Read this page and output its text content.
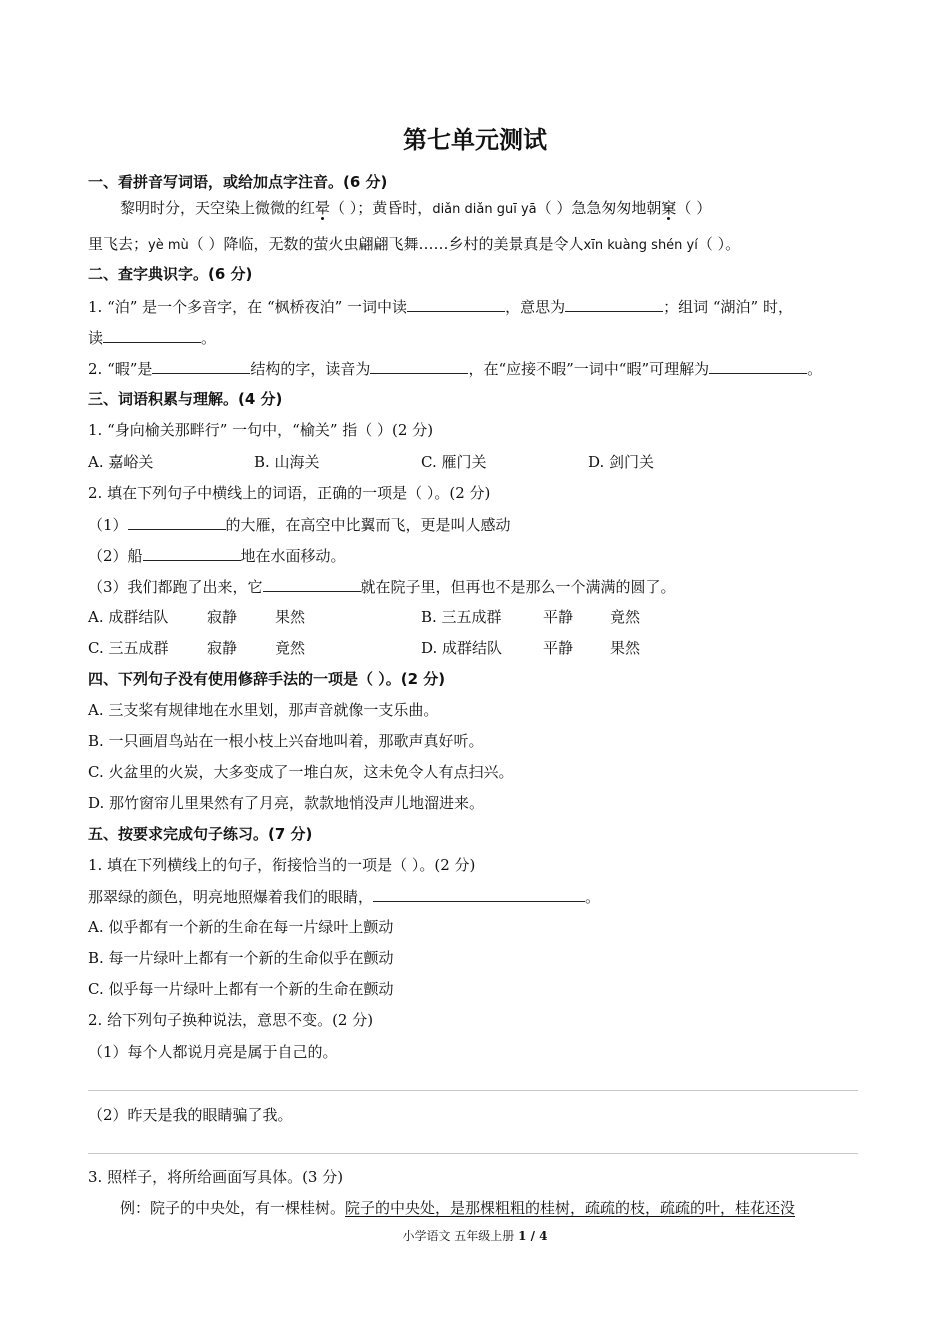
第七单元测试
一、看拼音写词语，或给加点字注音。(6 分)
黎明时分，天空染上微微的红晕（ ）；黄昏时，diǎn diǎn guī yā（ ）急急匆匆地朝窠（ ）
里飞去；yè mù（ ）降临，无数的萤火虫翩翩飞舞……乡村的美景真是令人xīn kuàng shén yí（ ）。
二、查字典识字。(6 分)
1. “泊” 是一个多音字，在 “枫桥夜泊” 一词中读	，意思为	；组词 “湖泊” 时，
读	。
2. “暇”是	结构的字，读音为	，在“应接不暇”一词中“暇”可理解为	。
三、词语积累与理解。(4 分)
1. “身向榆关那畔行” 一句中，“榆关” 指（ ）(2 分)
A. 嘉峪关	B. 山海关	C. 雁门关	D. 剑门关
2. 填在下列句子中横线上的词语，正确的一项是（ ）。(2 分)
（1）	的大雁，在高空中比翼而飞，更是叫人感动
（2）船	地在水面移动。
（3）我们都跑了出来，它	就在院子里，但再也不是那么一个满满的圆了。
A. 成群结队	寂静	果然	B. 三五成群	平静 竟然
C. 三五成群	寂静	竟然	D. 成群结队	平静 果然
四、下列句子没有使用修辞手法的一项是（ ）。(2 分)
A. 三支桨有规律地在水里划，那声音就像一支乐曲。
B. 一只画眉鸟站在一根小枝上兴奋地叫着，那歌声真好听。
C. 火盆里的火炭，大多变成了一堆白灰，这未免令人有点扫兴。
D. 那竹窗帘儿里果然有了月亮，款款地悄没声儿地溜进来。
五、按要求完成句子练习。(7 分)
1. 填在下列横线上的句子，衔接恰当的一项是（ ）。(2 分)
那翠绿的颜色，明亮地照爆着我们的眼睛，	。
A. 似乎都有一个新的生命在每一片绿叶上颤动
B. 每一片绿叶上都有一个新的生命似乎在颤动
C. 似乎每一片绿叶上都有一个新的生命在颤动
2. 给下列句子换种说法，意思不变。(2 分)
（1）每个人都说月亮是属于自己的。
（2）昨天是我的眼睛骗了我。
3. 照样子，将所给画面写具体。(3 分)
例：院子的中央处，有一棵桂树。院子的中央处，是那棵粗粗的桂树，疏疏的枝，疏疏的叶，桂花还没
小学语文 五年级上册 1 / 4
